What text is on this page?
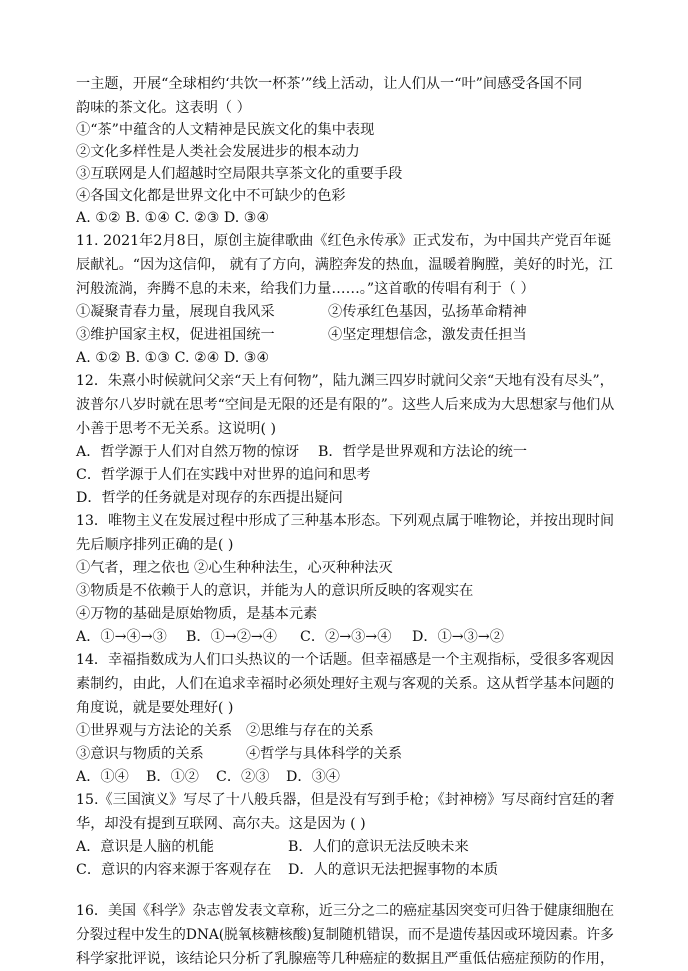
一主题，开展“全球相约‘共饮一杯茶’”线上活动，让人们从一“叶”间感受各国不同
韵味的茶文化。这表明（ ）
①“茶”中蕴含的人文精神是民族文化的集中表现
②文化多样性是人类社会发展进步的根本动力
③互联网是人们超越时空局限共享茶文化的重要手段
④各国文化都是世界文化中不可缺少的色彩
A. ①② B. ①④ C. ②③ D. ③④
11. 2021年2月8日，原创主旋律歌曲《红色永传承》正式发布，为中国共产党百年诞
辰献礼。“因为这信仰， 就有了方向，满腔奔发的热血，温暖着胸膛，美好的时光，江
河般流淌，奔腾不息的未来，给我们力量……。”这首歌的传唱有利于（ ）
①凝聚青春力量，展现自我风采	②传承红色基因，弘扬革命精神
③维护国家主权，促进祖国统一	④坚定理想信念，激发责任担当
A. ①② B. ①③ C. ②④ D. ③④
12．朱熹小时候就问父亲“天上有何物”，陆九渊三四岁时就问父亲“天地有没有尽头”，
波普尔八岁时就在思考“空间是无限的还是有限的”。这些人后来成为大思想家与他们从
小善于思考不无关系。这说明( )
A．哲学源于人们对自然万物的惊讶 B．哲学是世界观和方法论的统一
C．哲学源于人们在实践中对世界的追问和思考
D．哲学的任务就是对现存的东西提出疑问
13．唯物主义在发展过程中形成了三种基本形态。下列观点属于唯物论，并按出现时间
先后顺序排列正确的是( )
①气者，理之依也 ②心生种种法生，心灭种种法灭
③物质是不依赖于人的意识，并能为人的意识所反映的客观实在
④万物的基础是原始物质，是基本元素
A．①→④→③ B．①→②→④ C．②→③→④ D．①→③→②
14．幸福指数成为人们口头热议的一个话题。但幸福感是一个主观指标，受很多客观因
素制约，由此，人们在追求幸福时必须处理好主观与客观的关系。这从哲学基本问题的
角度说，就是要处理好( )
①世界观与方法论的关系 ②思维与存在的关系
③意识与物质的关系	④哲学与具体科学的关系
A．①④ B．①② C．②③ D．③④
15.《三国演义》写尽了十八般兵器，但是没有写到手枪；《封神榜》写尽商纣宫廷的奢
华，却没有提到互联网、高尔夫。这是因为 ( )
A．意识是人脑的机能	B．人们的意识无法反映未来
C．意识的内容来源于客观存在 D．人的意识无法把握事物的本质
16．美国《科学》杂志曾发表文章称，近三分之二的癌症基因突变可归咎于健康细胞在
分裂过程中发生的DNA(脱氧核糖核酸)复制随机错误，而不是遗传基因或环境因素。许多
科学家批评说，该结论只分析了乳腺癌等几种癌症的数据且严重低估癌症预防的作用，
